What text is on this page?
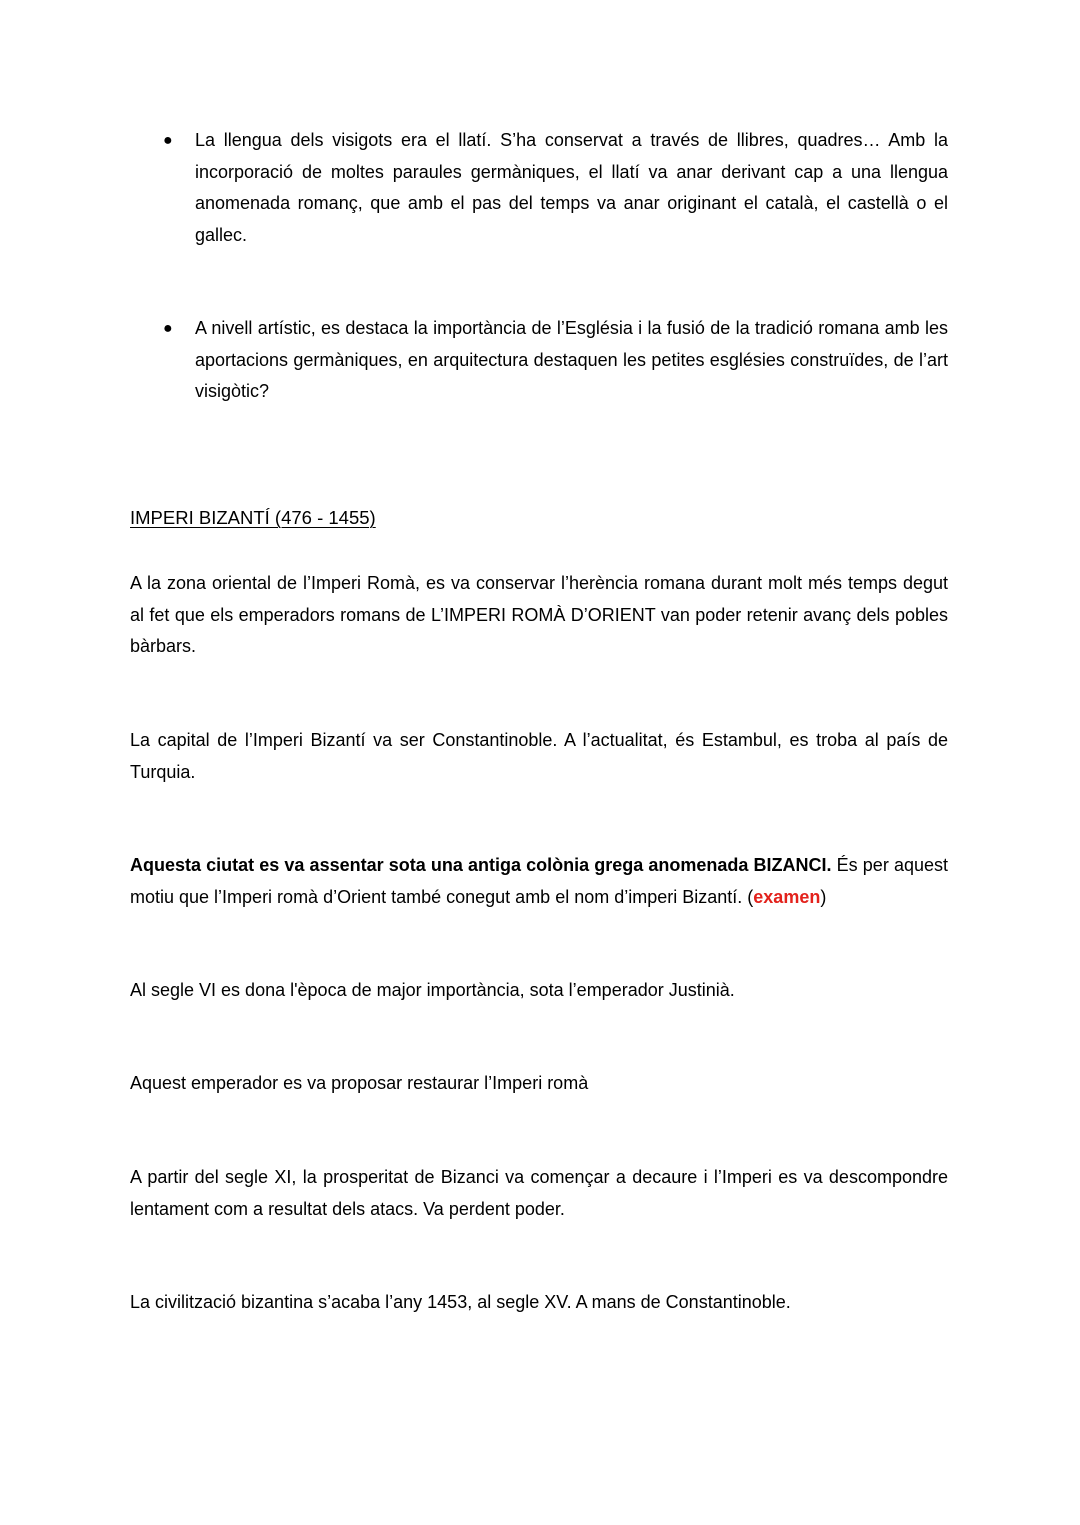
● La llengua dels visigots era el llatí. S’ha conservat a través de llibres, quadres… Amb la incorporació de moltes paraules germàniques, el llatí va anar derivant cap a una llengua anomenada romanç, que amb el pas del temps va anar originant el català, el castellà o el gallec.

● A nivell artístic, es destaca la importància de l’Església i la fusió de la tradició romana amb les aportacions germàniques, en arquitectura destaquen les petites esglésies construïdes, de l’art visigòtic?

IMPERI BIZANTÍ (476 - 1455)

A la zona oriental de l’Imperi Romà, es va conservar l’herència romana durant molt més temps degut al fet que els emperadors romans de L’IMPERI ROMÀ D’ORIENT van poder retenir avanç dels pobles bàrbars.

La capital de l’Imperi Bizantí va ser Constantinoble. A l’actualitat, és Estambul, es troba al país de Turquia.

Aquesta ciutat es va assentar sota una antiga colònia grega anomenada BIZANCI. És per aquest motiu que l’Imperi romà d’Orient també conegut amb el nom d’imperi Bizantí. (examen)

Al segle VI es dona l'època de major importància, sota l’emperador Justinià.

Aquest emperador es va proposar restaurar l’Imperi romà

A partir del segle XI, la prosperitat de Bizanci va començar a decaure i l’Imperi es va descompondre lentament com a resultat dels atacs. Va perdent poder.

La civilització bizantina s’acaba l’any 1453, al segle XV. A mans de Constantinoble.
